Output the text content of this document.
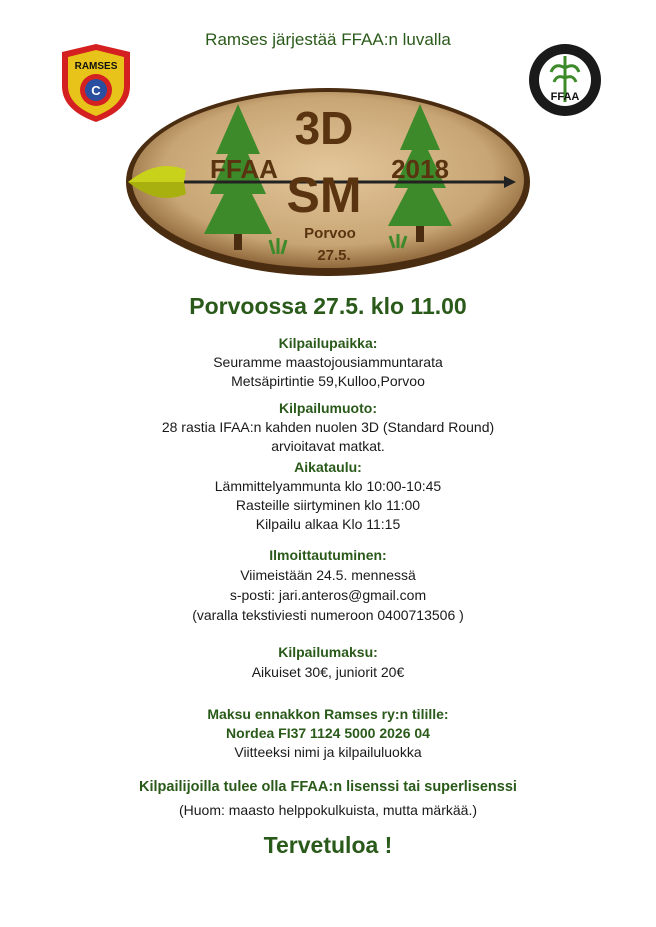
Ramses järjestää FFAA:n luvalla
C
RAMSES
FFAA
3D
SM
FFAA	2018
Porvoo
27.5.
Porvoossa 27.5. klo 11.00
Kilpailupaikka:
Seuramme maastojousiammuntarata
Metsäpirtintie 59,Kulloo,Porvoo
Kilpailumuoto:
28 rastia IFAA:n kahden nuolen 3D (Standard Round)
arvioitavat matkat.
Aikataulu:
Lämmittelyammunta klo 10:00-10:45
Rasteille siirtyminen klo 11:00
Kilpailu alkaa Klo 11:15
Ilmoittautuminen:
Viimeistään 24.5. mennessä
s-posti: jari.anteros@gmail.com
(varalla tekstiviesti numeroon 0400713506 )
Kilpailumaksu:
Aikuiset 30€, juniorit 20€
Maksu ennakkon Ramses ry:n tilille:
Nordea FI37 1124 5000 2026 04
Viitteeksi nimi ja kilpailuluokka
Kilpailijoilla tulee olla FFAA:n lisenssi tai superlisenssi
(Huom: maasto helppokulkuista, mutta märkää.)
Tervetuloa !
